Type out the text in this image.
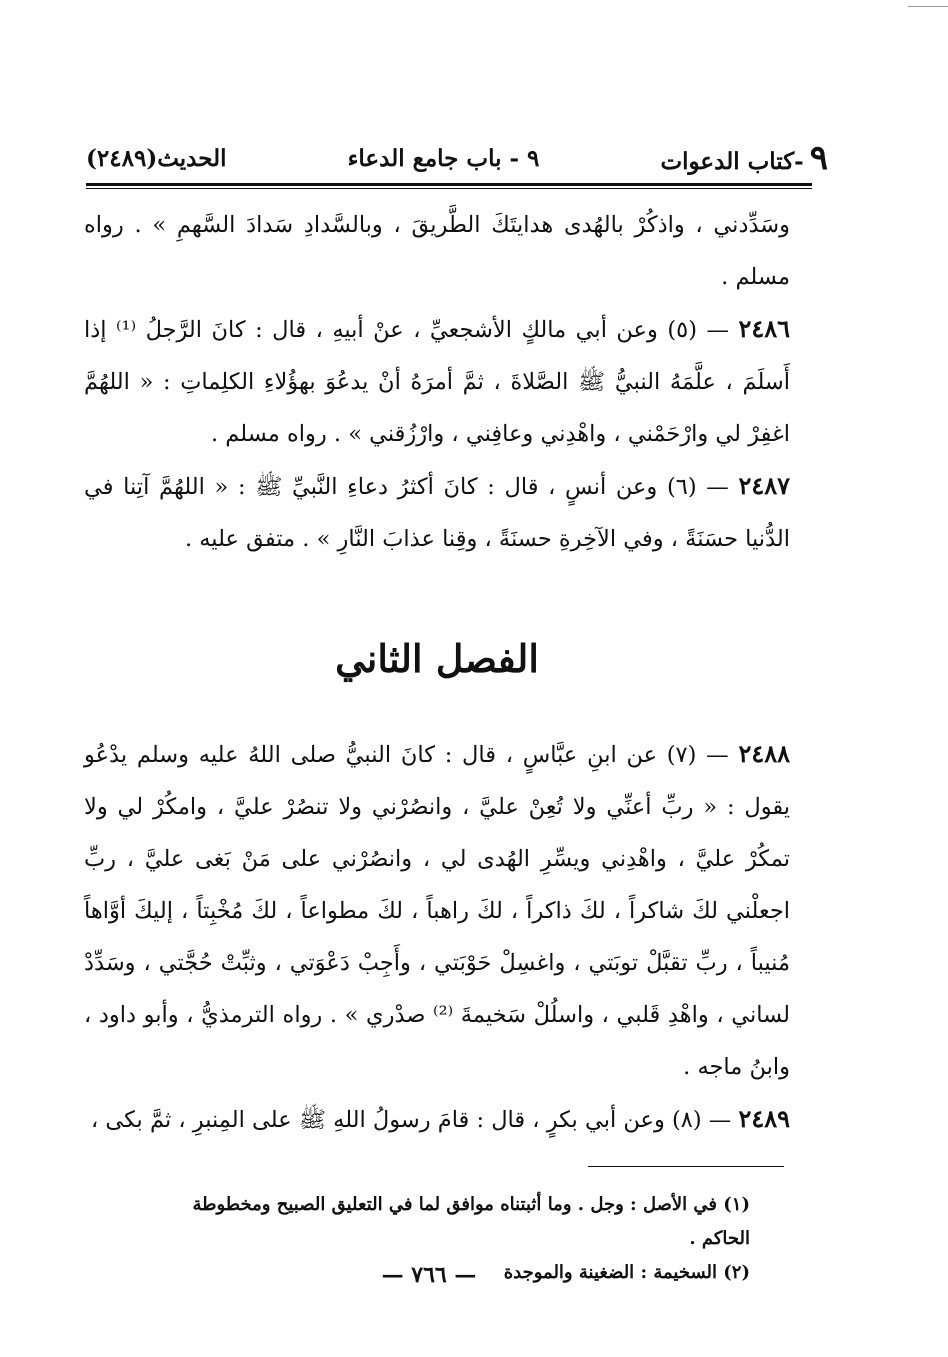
٩-كتاب الدعوات
٩ - باب جامع الدعاء
الحديث(٢٤٨٩)

وسَدِّدني ، واذكُرْ بالهُدى هدايتَكَ الطَّريقَ ، وبالسَّدادِ سَدادَ السَّهمِ » . رواه مسلم .

٢٤٨٦ — (٥) وعن أبي مالكٍ الأشجعيِّ ، عنْ أبيهِ ، قال : كانَ الرَّجلُ ⁽¹⁾ إذا أَسلَمَ ، علَّمَهُ النبيُّ ﷺ الصَّلاةَ ، ثمَّ أمرَهُ أنْ يدعُوَ بهؤُلاءِ الكلِماتِ : « اللهُمَّ اغفِرْ لي وارْحَمْني ، واهْدِني وعافِني ، وارْزُقني » . رواه مسلم .

٢٤٨٧ — (٦) وعن أنسٍ ، قال : كانَ أكثرُ دعاءِ النَّبيِّ ﷺ : « اللهُمَّ آتِنا في الدُّنيا حسَنَةً ، وفي الآخِرةِ حسنَةً ، وقِنا عذابَ النَّارِ » . متفق عليه .

الفصل الثاني

٢٤٨٨ — (٧) عن ابنِ عبَّاسٍ ، قال : كانَ النبيُّ صلى اللهُ عليه وسلم يدْعُو يقول : « ربِّ أعنِّي ولا تُعِنْ عليَّ ، وانصُرْني ولا تنصُرْ عليَّ ، وامكُرْ لي ولا تمكُرْ عليَّ ، واهْدِني ويسِّرِ الهُدى لي ، وانصُرْني على مَنْ بَغى عليَّ ، ربِّ اجعلْني لكَ شاكراً ، لكَ ذاكراً ، لكَ راهباً ، لكَ مطواعاً ، لكَ مُخْبِتاً ، إليكَ أوَّاهاً مُنيباً ، ربِّ تقبَّلْ توبَتي ، واغسِلْ حَوْبَتي ، وأَجِبْ دَعْوَتي ، وثبِّتْ حُجَّتي ، وسَدِّدْ لساني ، واهْدِ قَلبي ، واسلُلْ سَخيمةَ ⁽²⁾ صدْري » . رواه الترمذيُّ ، وأبو داود ، وابنُ ماجه .

٢٤٨٩ — (٨) وعن أبي بكرٍ ، قال : قامَ رسولُ اللهِ ﷺ على المِنبرِ ، ثمَّ بكى ،

(١) في الأصل : وجل . وما أثبتناه موافق لما في التعليق الصبيح ومخطوطة الحاكم .
(٢) السخيمة : الضغينة والموجدة
— ٧٦٦ —
